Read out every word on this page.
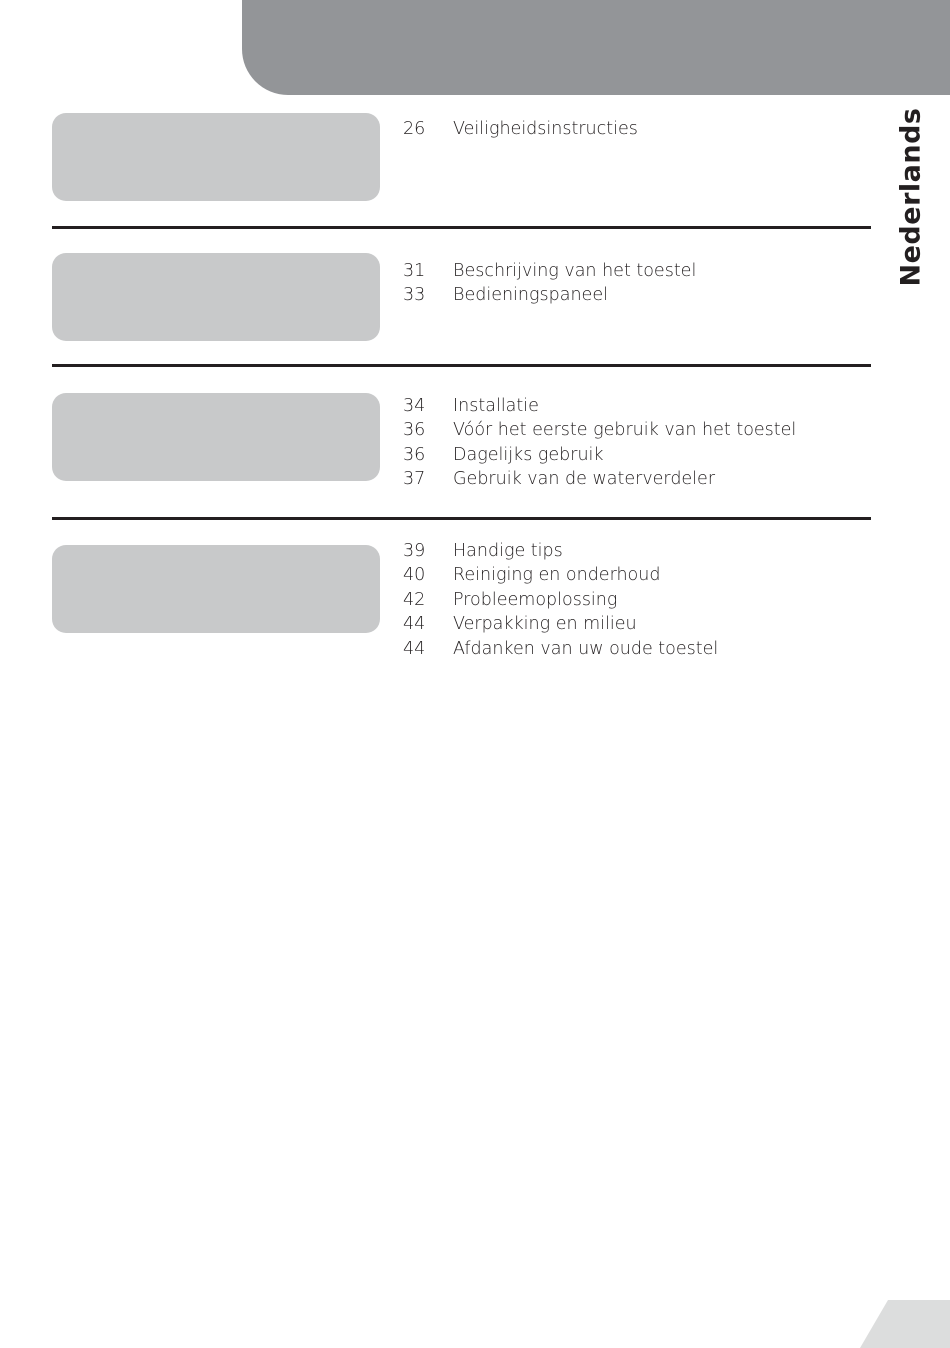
Nederlands
26	Veiligheidsinstructies
31	Beschrijving van het toestel
33	Bedieningspaneel
34	Installatie
36	Vóór het eerste gebruik van het toestel
36	Dagelijks gebruik
37	Gebruik van de waterverdeler
39	Handige tips
40	Reiniging en onderhoud
42	Probleemoplossing
44	Verpakking en milieu
44	Afdanken van uw oude toestel
